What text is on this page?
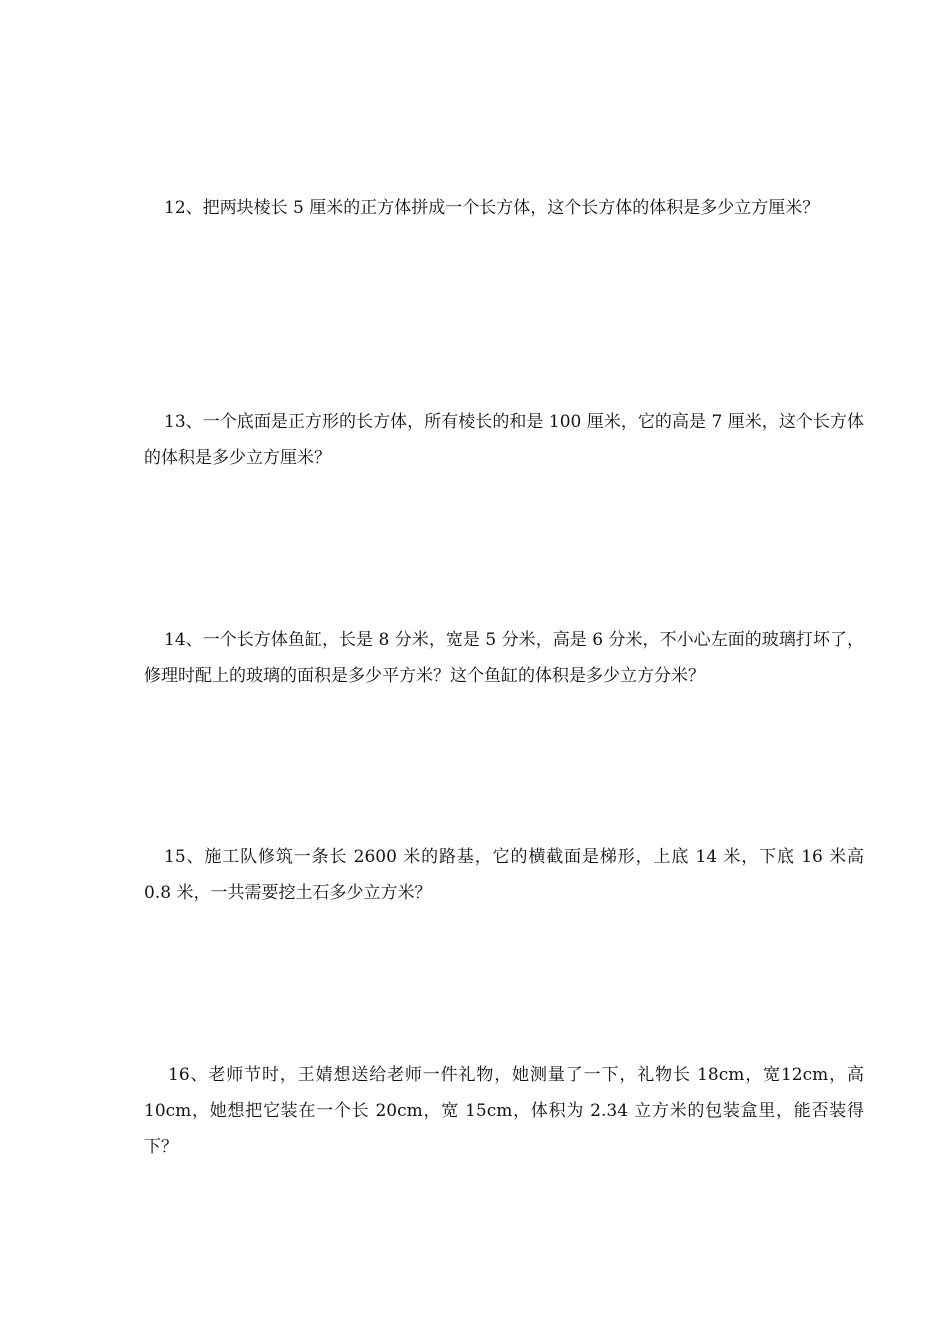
12、把两块棱长 5 厘米的正方体拼成一个长方体，这个长方体的体积是多少立方厘米？

13、一个底面是正方形的长方体，所有棱长的和是 100 厘米，它的高是 7 厘米，这个长方体的体积是多少立方厘米？

14、一个长方体鱼缸，长是 8 分米，宽是 5 分米，高是 6 分米，不小心左面的玻璃打坏了，修理时配上的玻璃的面积是多少平方米？这个鱼缸的体积是多少立方分米？

15、施工队修筑一条长 2600 米的路基，它的横截面是梯形，上底 14 米，下底 16 米高 0.8 米，一共需要挖土石多少立方米？

16、老师节时，王婧想送给老师一件礼物，她测量了一下，礼物长 18cm，宽12cm，高 10cm，她想把它装在一个长 20cm，宽 15cm，体积为 2.34 立方米的包装盒里，能否装得下？
